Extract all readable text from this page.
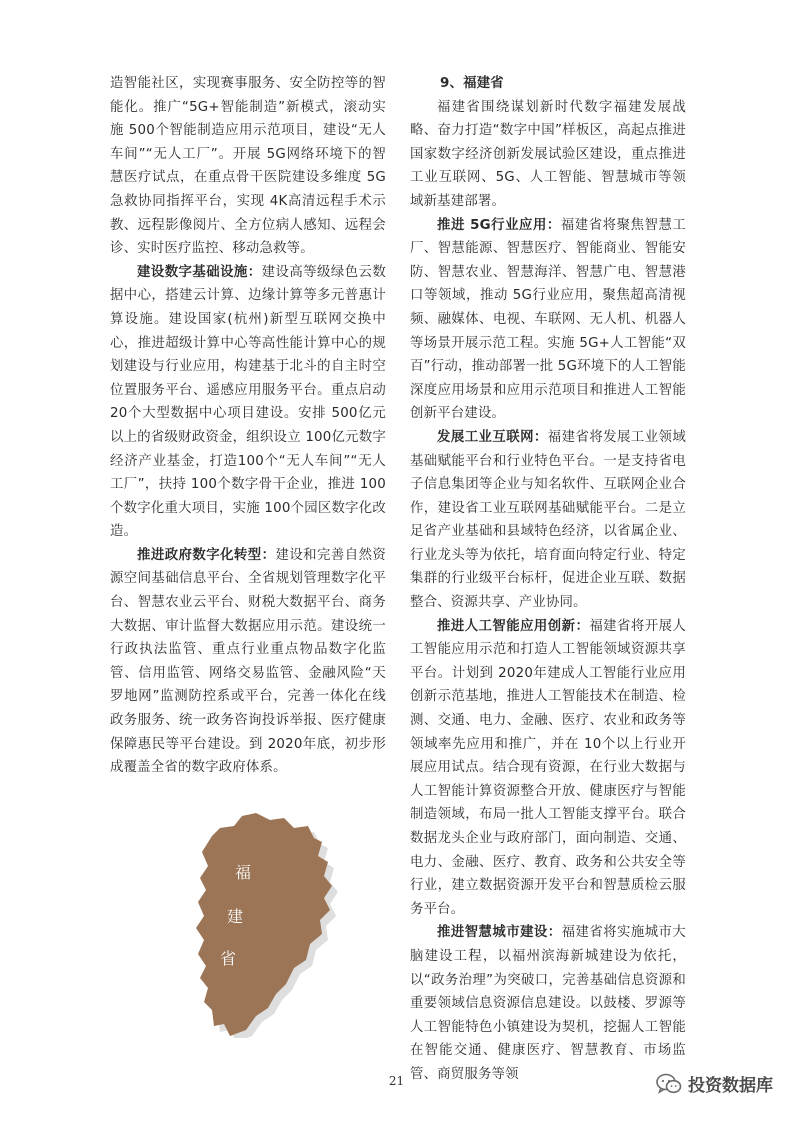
造智能社区，实现赛事服务、安全防控等的智能化。推广“5G+智能制造”新模式，滚动实施 500个智能制造应用示范项目，建设“无人车间”“无人工厂”。开展 5G网络环境下的智慧医疗试点，在重点骨干医院建设多维度 5G急救协同指挥平台，实现 4K高清远程手术示教、远程影像阅片、全方位病人感知、远程会诊、实时医疗监控、移动急救等。

建设数字基础设施：建设高等级绿色云数据中心，搭建云计算、边缘计算等多元普惠计算设施。建设国家(杭州)新型互联网交换中心，推进超级计算中心等高性能计算中心的规划建设与行业应用，构建基于北斗的自主时空位置服务平台、遥感应用服务平台。重点启动 20个大型数据中心项目建设。安排 500亿元以上的省级财政资金，组织设立 100亿元数字经济产业基金，打造100个“无人车间”“无人工厂”，扶持 100个数字骨干企业，推进 100个数字化重大项目，实施 100个园区数字化改造。

推进政府数字化转型：建设和完善自然资源空间基础信息平台、全省规划管理数字化平台、智慧农业云平台、财税大数据平台、商务大数据、审计监督大数据应用示范。建设统一行政执法监管、重点行业重点物品数字化监管、信用监管、网络交易监管、金融风险“天罗地网”监测防控系或平台，完善一体化在线政务服务、统一政务咨询投诉举报、医疗健康保障惠民等平台建设。到 2020年底，初步形成覆盖全省的数字政府体系。

福
建
省

9、福建省

福建省围绕谋划新时代数字福建发展战略、奋力打造“数字中国”样板区，高起点推进国家数字经济创新发展试验区建设，重点推进工业互联网、5G、人工智能、智慧城市等领域新基建部署。

推进 5G行业应用：福建省将聚焦智慧工厂、智慧能源、智慧医疗、智能商业、智能安防、智慧农业、智慧海洋、智慧广电、智慧港口等领域，推动 5G行业应用，聚焦超高清视频、融媒体、电视、车联网、无人机、机器人等场景开展示范工程。实施 5G+人工智能“双百”行动，推动部署一批 5G环境下的人工智能深度应用场景和应用示范项目和推进人工智能创新平台建设。

发展工业互联网：福建省将发展工业领域基础赋能平台和行业特色平台。一是支持省电子信息集团等企业与知名软件、互联网企业合作，建设省工业互联网基础赋能平台。二是立足省产业基础和县域特色经济，以省属企业、行业龙头等为依托，培育面向特定行业、特定集群的行业级平台标杆，促进企业互联、数据整合、资源共享、产业协同。

推进人工智能应用创新：福建省将开展人工智能应用示范和打造人工智能领域资源共享平台。计划到 2020年建成人工智能行业应用创新示范基地，推进人工智能技术在制造、检测、交通、电力、金融、医疗、农业和政务等领域率先应用和推广，并在 10个以上行业开展应用试点。结合现有资源，在行业大数据与人工智能计算资源整合开放、健康医疗与智能制造领域，布局一批人工智能支撑平台。联合数据龙头企业与政府部门，面向制造、交通、电力、金融、医疗、教育、政务和公共安全等行业，建立数据资源开发平台和智慧质检云服务平台。

推进智慧城市建设：福建省将实施城市大脑建设工程，以福州滨海新城建设为依托，以“政务治理”为突破口，完善基础信息资源和重要领域信息资源信息建设。以鼓楼、罗源等人工智能特色小镇建设为契机，挖掘人工智能在智能交通、健康医疗、智慧教育、市场监管、商贸服务等领

21	投资数据库
